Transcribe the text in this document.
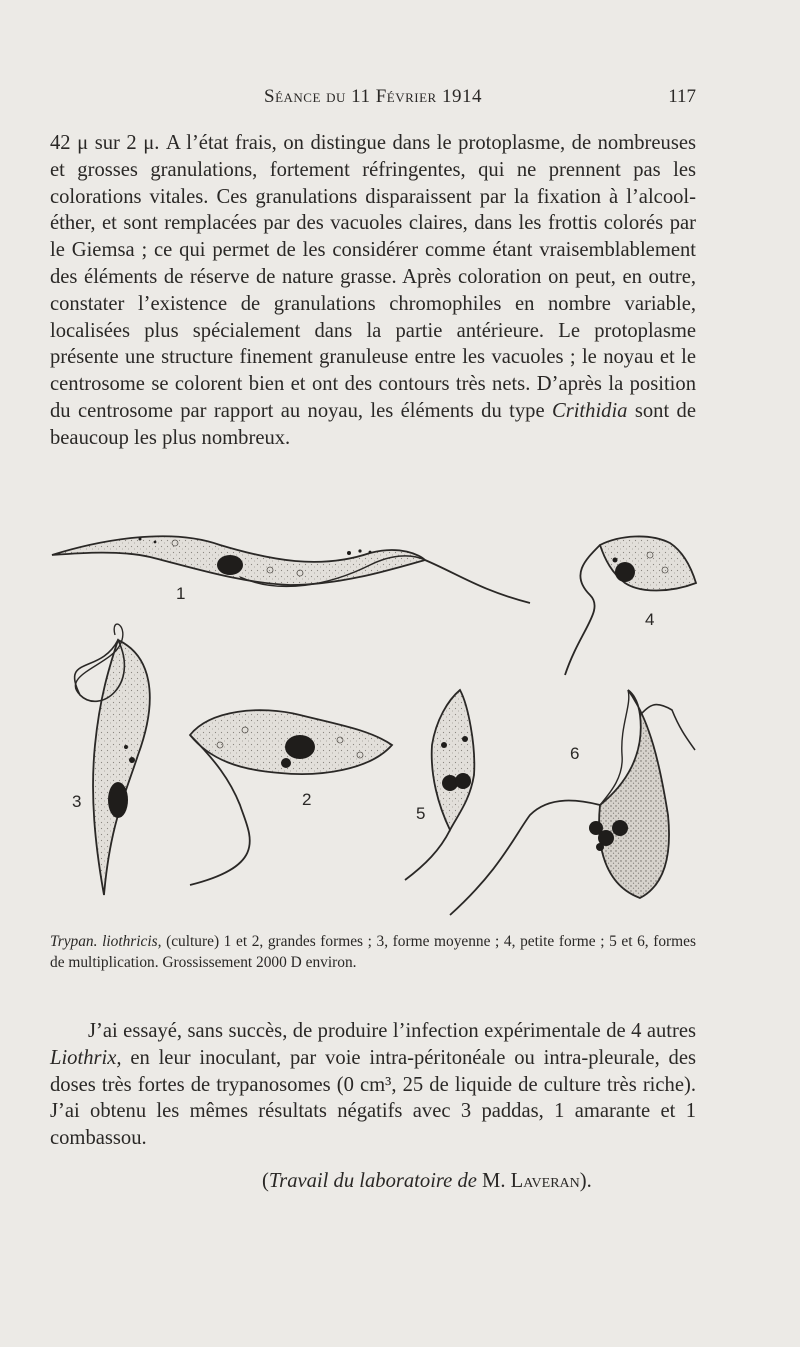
Séance du 11 Février 1914	117

42 μ sur 2 μ. A l’état frais, on distingue dans le protoplasme, de nombreuses et grosses granulations, fortement réfringentes, qui ne prennent pas les colorations vitales. Ces granulations disparaissent par la fixation à l’alcool-éther, et sont remplacées par des vacuoles claires, dans les frottis colorés par le Giemsa ; ce qui permet de les considérer comme étant vraisemblablement des éléments de réserve de nature grasse. Après coloration on peut, en outre, constater l’existence de granulations chromophiles en nombre variable, localisées plus spécialement dans la partie antérieure. Le protoplasme présente une structure finement granuleuse entre les vacuoles ; le noyau et le centrosome se colorent bien et ont des contours très nets. D’après la position du centrosome par rapport au noyau, les éléments du type Crithidia sont de beaucoup les plus nombreux.

1
4
3	2
5
6

Trypan. liothricis, (culture) 1 et 2, grandes formes ; 3, forme moyenne ; 4, petite forme ; 5 et 6, formes de multiplication. Grossissement 2000 D environ.

J’ai essayé, sans succès, de produire l’infection expérimentale de 4 autres Liothrix, en leur inoculant, par voie intra-péritonéale ou intra-pleurale, des doses très fortes de trypanosomes (0 cm³, 25 de liquide de culture très riche). J’ai obtenu les mêmes résultats négatifs avec 3 paddas, 1 amarante et 1 combassou.

(Travail du laboratoire de M. Laveran).
